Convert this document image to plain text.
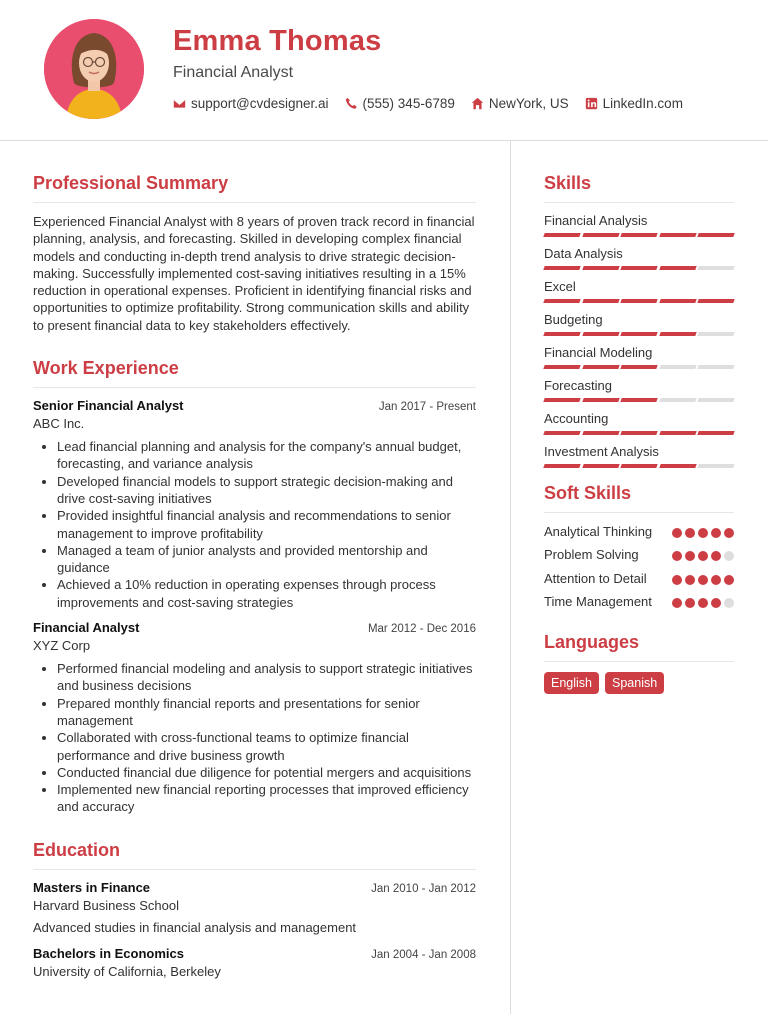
Emma Thomas
Financial Analyst
support@cvdesigner.ai	(555) 345-6789	NewYork, US	LinkedIn.com
Professional Summary

Experienced Financial Analyst with 8 years of proven track record in financial planning, analysis, and forecasting. Skilled in developing complex financial models and conducting in-depth trend analysis to drive strategic decision-making. Successfully implemented cost-saving initiatives resulting in a 15% reduction in operational expenses. Proficient in identifying financial risks and opportunities to optimize profitability. Strong communication skills and ability to present financial data to key stakeholders effectively.

Work Experience
Senior Financial Analyst	Jan 2017 - Present
ABC Inc.
• Lead financial planning and analysis for the company's annual budget, forecasting, and variance analysis
• Developed financial models to support strategic decision-making and drive cost-saving initiatives
• Provided insightful financial analysis and recommendations to senior management to improve profitability
• Managed a team of junior analysts and provided mentorship and guidance
• Achieved a 10% reduction in operating expenses through process improvements and cost-saving strategies
Financial Analyst	Mar 2012 - Dec 2016
XYZ Corp
• Performed financial modeling and analysis to support strategic initiatives and business decisions
• Prepared monthly financial reports and presentations for senior management
• Collaborated with cross-functional teams to optimize financial performance and drive business growth
• Conducted financial due diligence for potential mergers and acquisitions
• Implemented new financial reporting processes that improved efficiency and accuracy
Education
Masters in Finance	Jan 2010 - Jan 2012
Harvard Business School
Advanced studies in financial analysis and management
Bachelors in Economics	Jan 2004 - Jan 2008
University of California, Berkeley
Skills
Financial Analysis
Data Analysis
Excel
Budgeting
Financial Modeling
Forecasting
Accounting
Investment Analysis
Soft Skills
Analytical Thinking
Problem Solving
Attention to Detail
Time Management
Languages
English	Spanish
